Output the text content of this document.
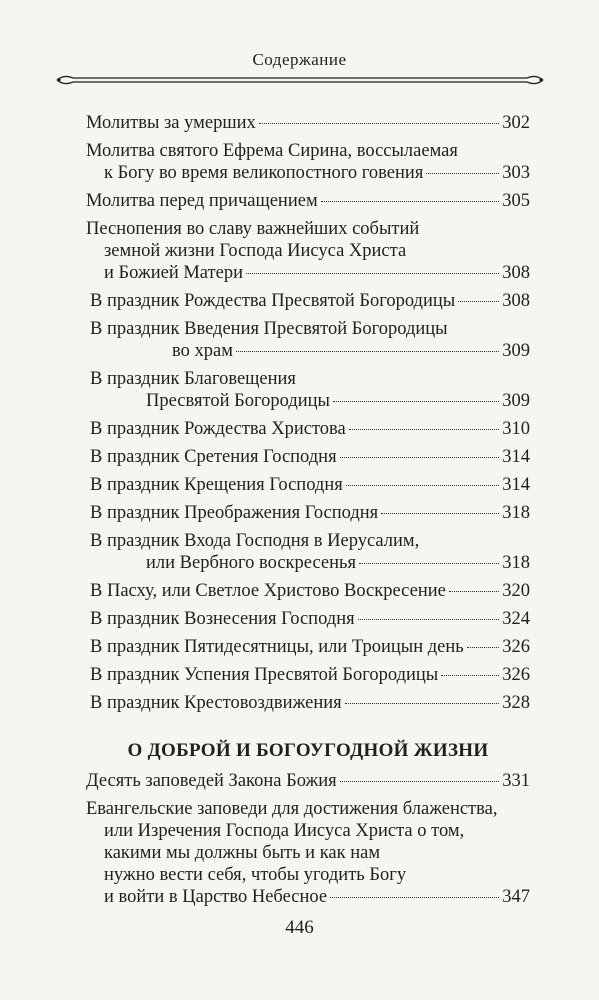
Содержание
Молитвы за умерших	302
Молитва святого Ефрема Сирина, воссылаемая
к Богу во время великопостного говения	303
Молитва перед причащением	305
Песнопения во славу важнейших событий
земной жизни Господа Иисуса Христа
и Божией Матери	308
В праздник Рождества Пресвятой Богородицы	308
В праздник Введения Пресвятой Богородицы
во храм	309
В праздник Благовещения
Пресвятой Богородицы	309
В праздник Рождества Христова	310
В праздник Сретения Господня	314
В праздник Крещения Господня	314
В праздник Преображения Господня	318
В праздник Входа Господня в Иерусалим,
или Вербного воскресенья	318
В Пасху, или Светлое Христово Воскресение	320
В праздник Вознесения Господня	324
В праздник Пятидесятницы, или Троицын день 326
В праздник Успения Пресвятой Богородицы	326
В праздник Крестовоздвижения	328
О ДОБРОЙ И БОГОУГОДНОЙ ЖИЗНИ
Десять заповедей Закона Божия	331
Евангельские заповеди для достижения блаженства,
или Изречения Господа Иисуса Христа о том,
какими мы должны быть и как нам
нужно вести себя, чтобы угодить Богу
и войти в Царство Небесное	347
446
